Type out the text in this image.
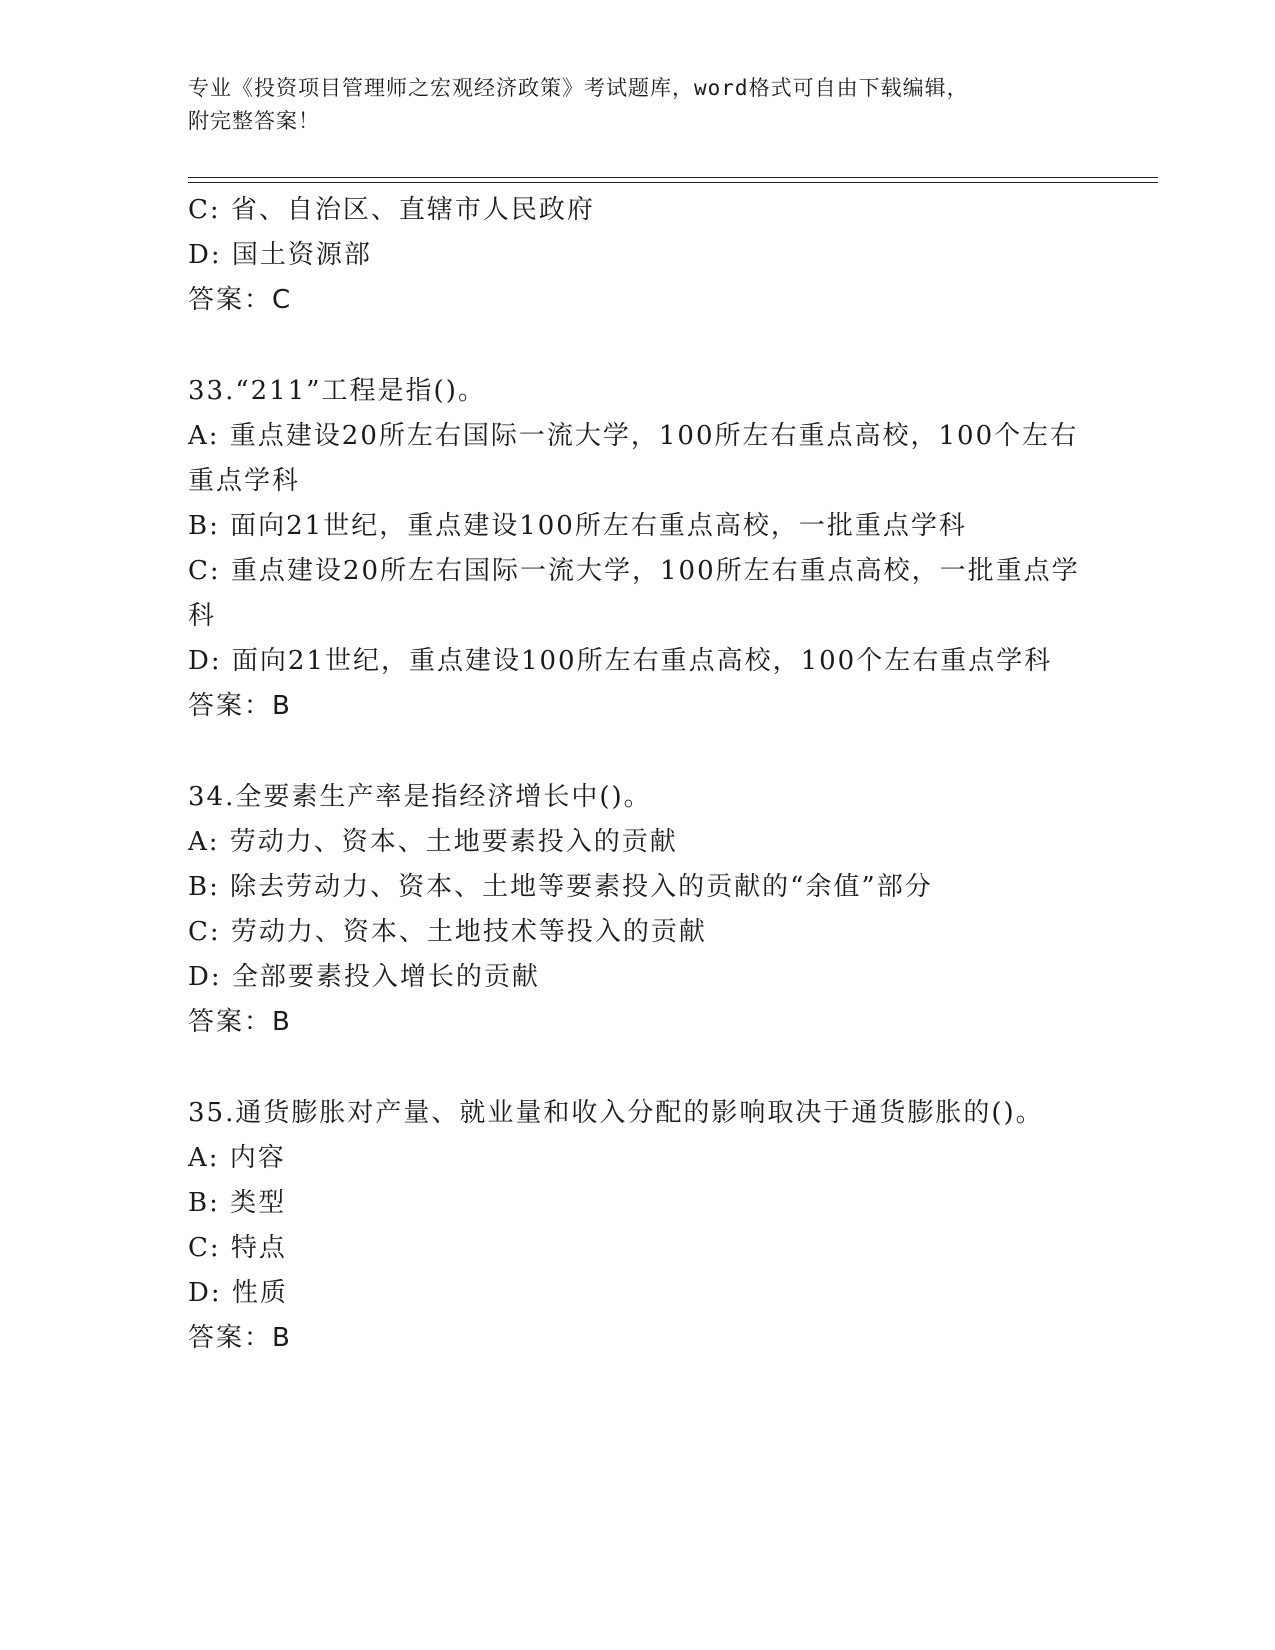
专业《投资项目管理师之宏观经济政策》考试题库，word格式可自由下载编辑，
附完整答案！
C: 省、自治区、直辖市人民政府
D: 国土资源部
答案：C
33.“211”工程是指()。
A: 重点建设20所左右国际一流大学，100所左右重点高校，100个左右重点学科
B: 面向21世纪，重点建设100所左右重点高校，一批重点学科
C: 重点建设20所左右国际一流大学，100所左右重点高校，一批重点学科
D: 面向21世纪，重点建设100所左右重点高校，100个左右重点学科
答案：B
34.全要素生产率是指经济增长中()。
A: 劳动力、资本、土地要素投入的贡献
B: 除去劳动力、资本、土地等要素投入的贡献的“余值”部分
C: 劳动力、资本、土地技术等投入的贡献
D: 全部要素投入增长的贡献
答案：B
35.通货膨胀对产量、就业量和收入分配的影响取决于通货膨胀的()。
A: 内容
B: 类型
C: 特点
D: 性质
答案：B
